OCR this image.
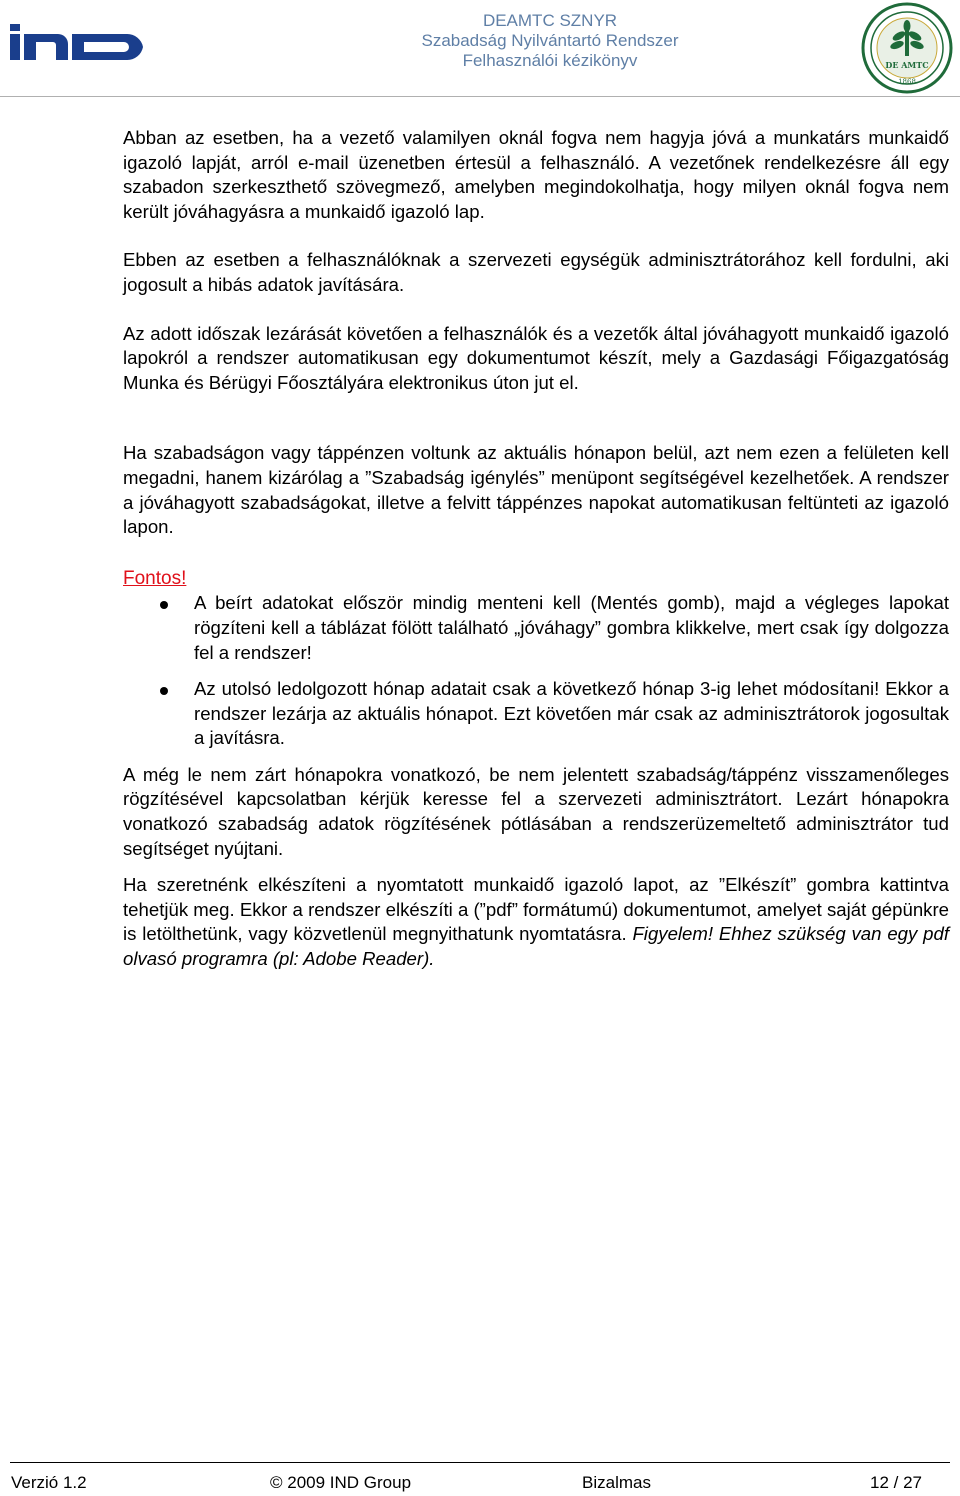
DEAMTC SZNYR
Szabadság Nyilvántartó Rendszer
Felhasználói kézikönyv	DE AMTC
1868

Abban az esetben, ha a vezető valamilyen oknál fogva nem hagyja jóvá a munkatárs munkaidő igazoló lapját, arról e-mail üzenetben értesül a felhasználó. A vezetőnek rendelkezésre áll egy szabadon szerkeszthető szövegmező, amelyben megindokolhatja, hogy milyen oknál fogva nem került jóváhagyásra a munkaidő igazoló lap.

Ebben az esetben a felhasználóknak a szervezeti egységük adminisztrátorához kell fordulni, aki jogosult a hibás adatok javítására.

Az adott időszak lezárását követően a felhasználók és a vezetők által jóváhagyott munkaidő igazoló lapokról a rendszer automatikusan egy dokumentumot készít, mely a Gazdasági Főigazgatóság Munka és Bérügyi Főosztályára elektronikus úton jut el.

Ha szabadságon vagy táppénzen voltunk az aktuális hónapon belül, azt nem ezen a felületen kell megadni, hanem kizárólag a ”Szabadság igénylés” menüpont segítségével kezelhetőek. A rendszer a jóváhagyott szabadságokat, illetve a felvitt táppénzes napokat automatikusan feltünteti az igazoló lapon.

Fontos!

A beírt adatokat először mindig menteni kell (Mentés gomb), majd a végleges lapokat rögzíteni kell a táblázat fölött található „jóváhagy” gombra klikkelve, mert csak így dolgozza fel a rendszer!
Az utolsó ledolgozott hónap adatait csak a következő hónap 3-ig lehet módosítani! Ekkor a rendszer lezárja az aktuális hónapot. Ezt követően már csak az adminisztrátorok jogosultak a javításra.

A még le nem zárt hónapokra vonatkozó, be nem jelentett szabadság/táppénz visszamenőleges rögzítésével kapcsolatban kérjük keresse fel a szervezeti adminisztrátort. Lezárt hónapokra vonatkozó szabadság adatok rögzítésének pótlásában a rendszerüzemeltető adminisztrátor tud segítséget nyújtani.

Ha szeretnénk elkészíteni a nyomtatott munkaidő igazoló lapot, az ”Elkészít” gombra kattintva tehetjük meg. Ekkor a rendszer elkészíti a (”pdf” formátumú) dokumentumot, amelyet saját gépünkre is letölthetünk, vagy közvetlenül megnyithatunk nyomtatásra. Figyelem! Ehhez szükség van egy pdf olvasó programra (pl: Adobe Reader).

Verzió 1.2	© 2009 IND Group	Bizalmas	12 / 27
